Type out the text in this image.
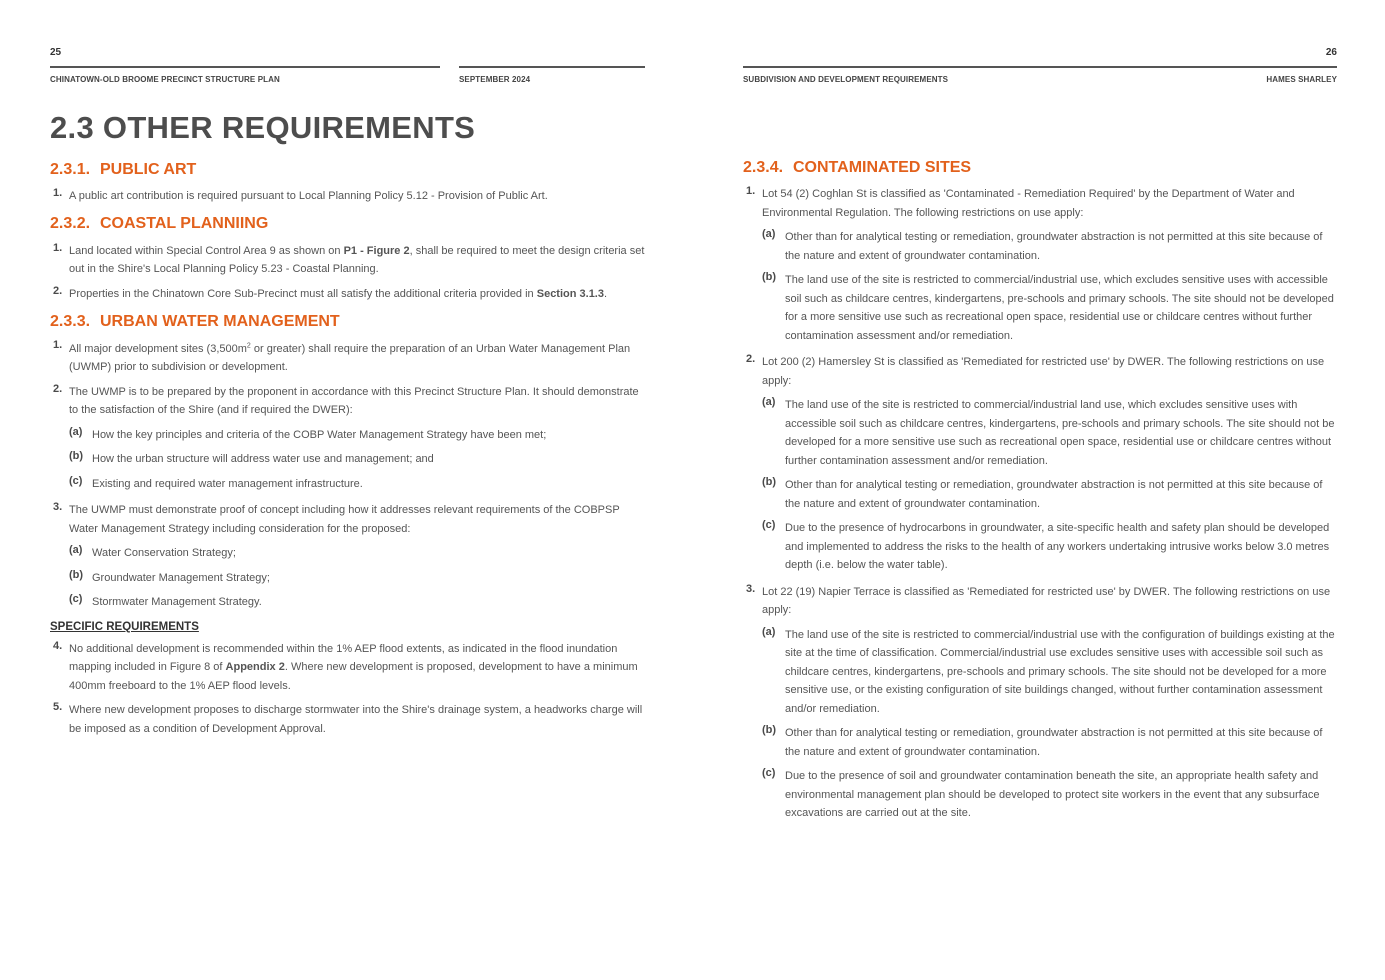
25
CHINATOWN-OLD BROOME PRECINCT STRUCTURE PLAN	SEPTEMBER 2024
2.3 OTHER REQUIREMENTS
2.3.1. PUBLIC ART
1. A public art contribution is required pursuant to Local Planning Policy 5.12 - Provision of Public Art.
2.3.2. COASTAL PLANNIING
1. Land located within Special Control Area 9 as shown on P1 - Figure 2, shall be required to meet the design criteria set out in the Shire's Local Planning Policy 5.23 - Coastal Planning.
2. Properties in the Chinatown Core Sub-Precinct must all satisfy the additional criteria provided in Section 3.1.3.
2.3.3. URBAN WATER MANAGEMENT
1. All major development sites ($3,500m^2$ or greater) shall require the preparation of an Urban Water Management Plan (UWMP) prior to subdivision or development.
2. The UWMP is to be prepared by the proponent in accordance with this Precinct Structure Plan. It should demonstrate to the satisfaction of the Shire (and if required the DWER):
(a) How the key principles and criteria of the COBP Water Management Strategy have been met;
(b) How the urban structure will address water use and management; and
(c) Existing and required water management infrastructure.
3. The UWMP must demonstrate proof of concept including how it addresses relevant requirements of the COBPSP Water Management Strategy including consideration for the proposed:
(a) Water Conservation Strategy;
(b) Groundwater Management Strategy;
(c) Stormwater Management Strategy.
SPECIFIC REQUIREMENTS
4. No additional development is recommended within the 1% AEP flood extents, as indicated in the flood inundation mapping included in Figure 8 of Appendix 2. Where new development is proposed, development to have a minimum 400mm freeboard to the 1% AEP flood levels.
5. Where new development proposes to discharge stormwater into the Shire's drainage system, a headworks charge will be imposed as a condition of Development Approval.
26
SUBDIVISION AND DEVELOPMENT REQUIREMENTS	HAMES SHARLEY
2.3.4. CONTAMINATED SITES
1. Lot 54 (2) Coghlan St is classified as 'Contaminated - Remediation Required' by the Department of Water and Environmental Regulation. The following restrictions on use apply:
(a) Other than for analytical testing or remediation, groundwater abstraction is not permitted at this site because of the nature and extent of groundwater contamination.
(b) The land use of the site is restricted to commercial/industrial use, which excludes sensitive uses with accessible soil such as childcare centres, kindergartens, pre-schools and primary schools. The site should not be developed for a more sensitive use such as recreational open space, residential use or childcare centres without further contamination assessment and/or remediation.
2. Lot 200 (2) Hamersley St is classified as 'Remediated for restricted use' by DWER. The following restrictions on use apply:
(a) The land use of the site is restricted to commercial/industrial land use, which excludes sensitive uses with accessible soil such as childcare centres, kindergartens, pre-schools and primary schools. The site should not be developed for a more sensitive use such as recreational open space, residential use or childcare centres without further contamination assessment and/or remediation.
(b) Other than for analytical testing or remediation, groundwater abstraction is not permitted at this site because of the nature and extent of groundwater contamination.
(c) Due to the presence of hydrocarbons in groundwater, a site-specific health and safety plan should be developed and implemented to address the risks to the health of any workers undertaking intrusive works below 3.0 metres depth (i.e. below the water table).
3. Lot 22 (19) Napier Terrace is classified as 'Remediated for restricted use' by DWER. The following restrictions on use apply:
(a) The land use of the site is restricted to commercial/industrial use with the configuration of buildings existing at the site at the time of classification. Commercial/industrial use excludes sensitive uses with accessible soil such as childcare centres, kindergartens, pre-schools and primary schools. The site should not be developed for a more sensitive use, or the existing configuration of site buildings changed, without further contamination assessment and/or remediation.
(b) Other than for analytical testing or remediation, groundwater abstraction is not permitted at this site because of the nature and extent of groundwater contamination.
(c) Due to the presence of soil and groundwater contamination beneath the site, an appropriate health safety and environmental management plan should be developed to protect site workers in the event that any subsurface excavations are carried out at the site.
